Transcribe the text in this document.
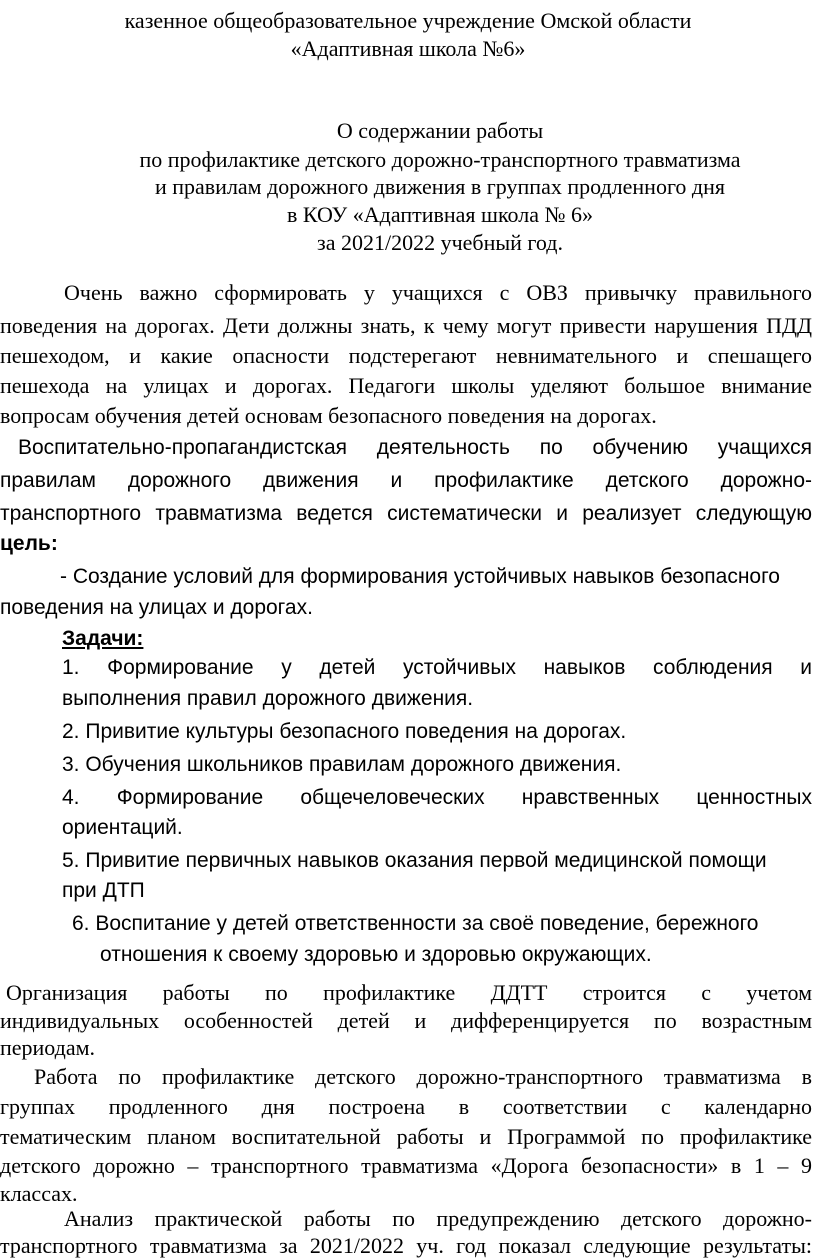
казенное общеобразовательное учреждение Омской области
«Адаптивная школа №6»
О содержании работы
по профилактике детского дорожно-транспортного травматизма
и правилам дорожного движения в группах продленного дня
в КОУ «Адаптивная школа № 6»
за 2021/2022 учебный год.
Очень важно сформировать у учащихся с ОВЗ привычку правильного
поведения на дорогах. Дети должны знать, к чему могут привести нарушения ПДД
пешеходом, и какие опасности подстерегают невнимательного и спешащего
пешехода на улицах и дорогах. Педагоги школы уделяют большое внимание
вопросам обучения детей основам безопасного поведения на дорогах.
Воспитательно-пропагандистская деятельность по обучению учащихся
правилам дорожного движения и профилактике детского дорожно-
транспортного травматизма ведется систематически и реализует следующую
цель:
- Создание условий для формирования устойчивых навыков безопасного
поведения на улицах и дорогах.
Задачи:
1. Формирование у детей устойчивых навыков соблюдения и
выполнения правил дорожного движения.
2. Привитие культуры безопасного поведения на дорогах.
3. Обучения школьников правилам дорожного движения.
4. Формирование общечеловеческих нравственных ценностных
ориентаций.
5. Привитие первичных навыков оказания первой медицинской помощи
при ДТП
6. Воспитание у детей ответственности за своё поведение, бережного
отношения к своему здоровью и здоровью окружающих.
Организация работы по профилактике ДДТТ строится с учетом
индивидуальных особенностей детей и дифференцируется по возрастным
периодам.
Работа по профилактике детского дорожно-транспортного травматизма в
группах продленного дня построена в соответствии с календарно
тематическим планом воспитательной работы и Программой по профилактике
детского дорожно – транспортного травматизма «Дорога безопасности» в 1 – 9
классах.
Анализ практической работы по предупреждению детского дорожно-
транспортного травматизма за 2021/2022 уч. год показал следующие результаты:
